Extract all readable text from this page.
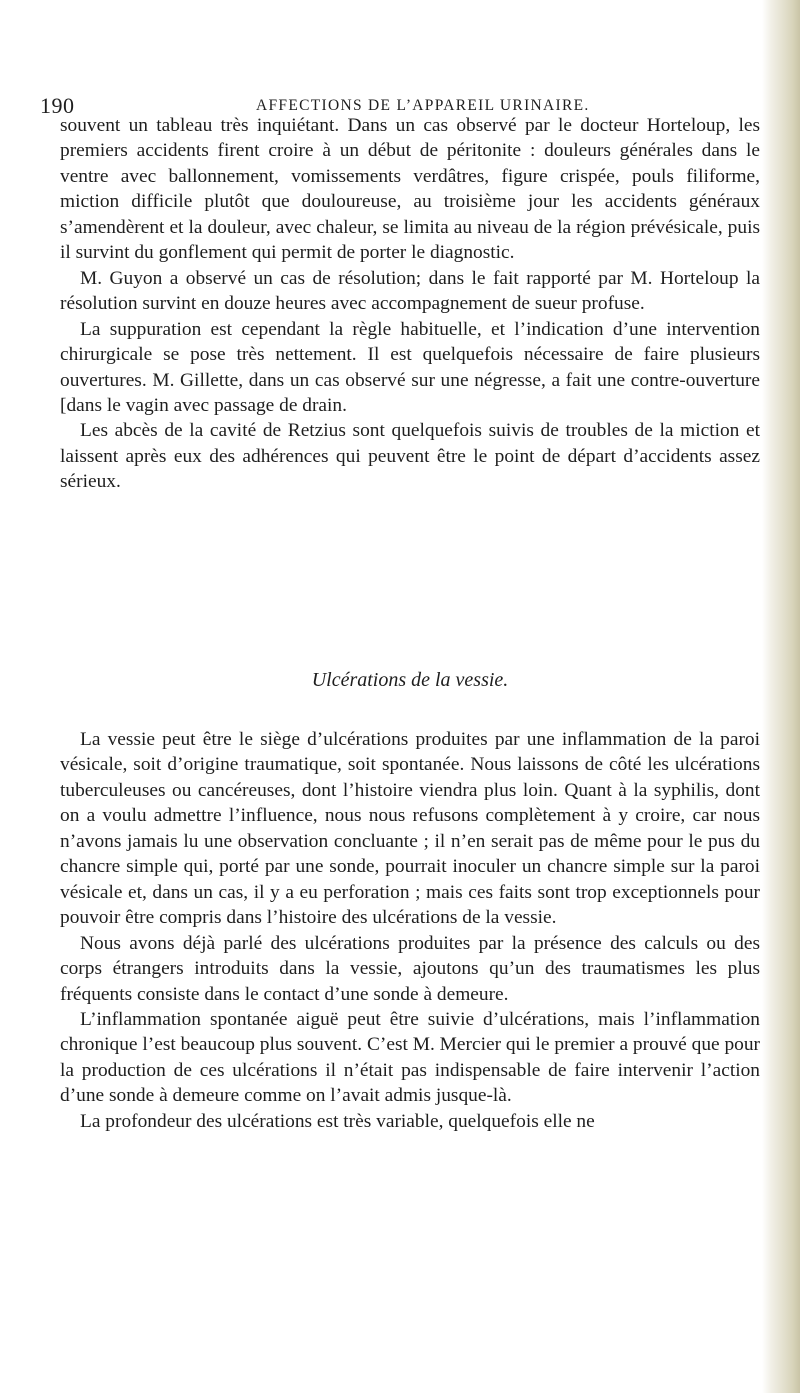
190	AFFECTIONS DE L’APPAREIL URINAIRE.

souvent un tableau très inquiétant. Dans un cas observé par le docteur Horteloup, les premiers accidents firent croire à un début de péritonite : douleurs générales dans le ventre avec ballonnement, vomissements verdâtres, figure crispée, pouls filiforme, miction difficile plutôt que douloureuse, au troisième jour les accidents généraux s’amendèrent et la douleur, avec chaleur, se limita au niveau de la région prévésicale, puis il survint du gonflement qui permit de porter le diagnostic.

M. Guyon a observé un cas de résolution; dans le fait rapporté par M. Horteloup la résolution survint en douze heures avec accompagnement de sueur profuse.

La suppuration est cependant la règle habituelle, et l’indication d’une intervention chirurgicale se pose très nettement. Il est quelquefois nécessaire de faire plusieurs ouvertures. M. Gillette, dans un cas observé sur une négresse, a fait une contre-ouverture [dans le vagin avec passage de drain.

Les abcès de la cavité de Retzius sont quelquefois suivis de troubles de la miction et laissent après eux des adhérences qui peuvent être le point de départ d’accidents assez sérieux.

Ulcérations de la vessie.

La vessie peut être le siège d’ulcérations produites par une inflammation de la paroi vésicale, soit d’origine traumatique, soit spontanée. Nous laissons de côté les ulcérations tuberculeuses ou cancéreuses, dont l’histoire viendra plus loin. Quant à la syphilis, dont on a voulu admettre l’influence, nous nous refusons complètement à y croire, car nous n’avons jamais lu une observation concluante ; il n’en serait pas de même pour le pus du chancre simple qui, porté par une sonde, pourrait inoculer un chancre simple sur la paroi vésicale et, dans un cas, il y a eu perforation ; mais ces faits sont trop exceptionnels pour pouvoir être compris dans l’histoire des ulcérations de la vessie.

Nous avons déjà parlé des ulcérations produites par la présence des calculs ou des corps étrangers introduits dans la vessie, ajoutons qu’un des traumatismes les plus fréquents consiste dans le contact d’une sonde à demeure.

L’inflammation spontanée aiguë peut être suivie d’ulcérations, mais l’inflammation chronique l’est beaucoup plus souvent. C’est M. Mercier qui le premier a prouvé que pour la production de ces ulcérations il n’était pas indispensable de faire intervenir l’action d’une sonde à demeure comme on l’avait admis jusque-là.

La profondeur des ulcérations est très variable, quelquefois elle ne
